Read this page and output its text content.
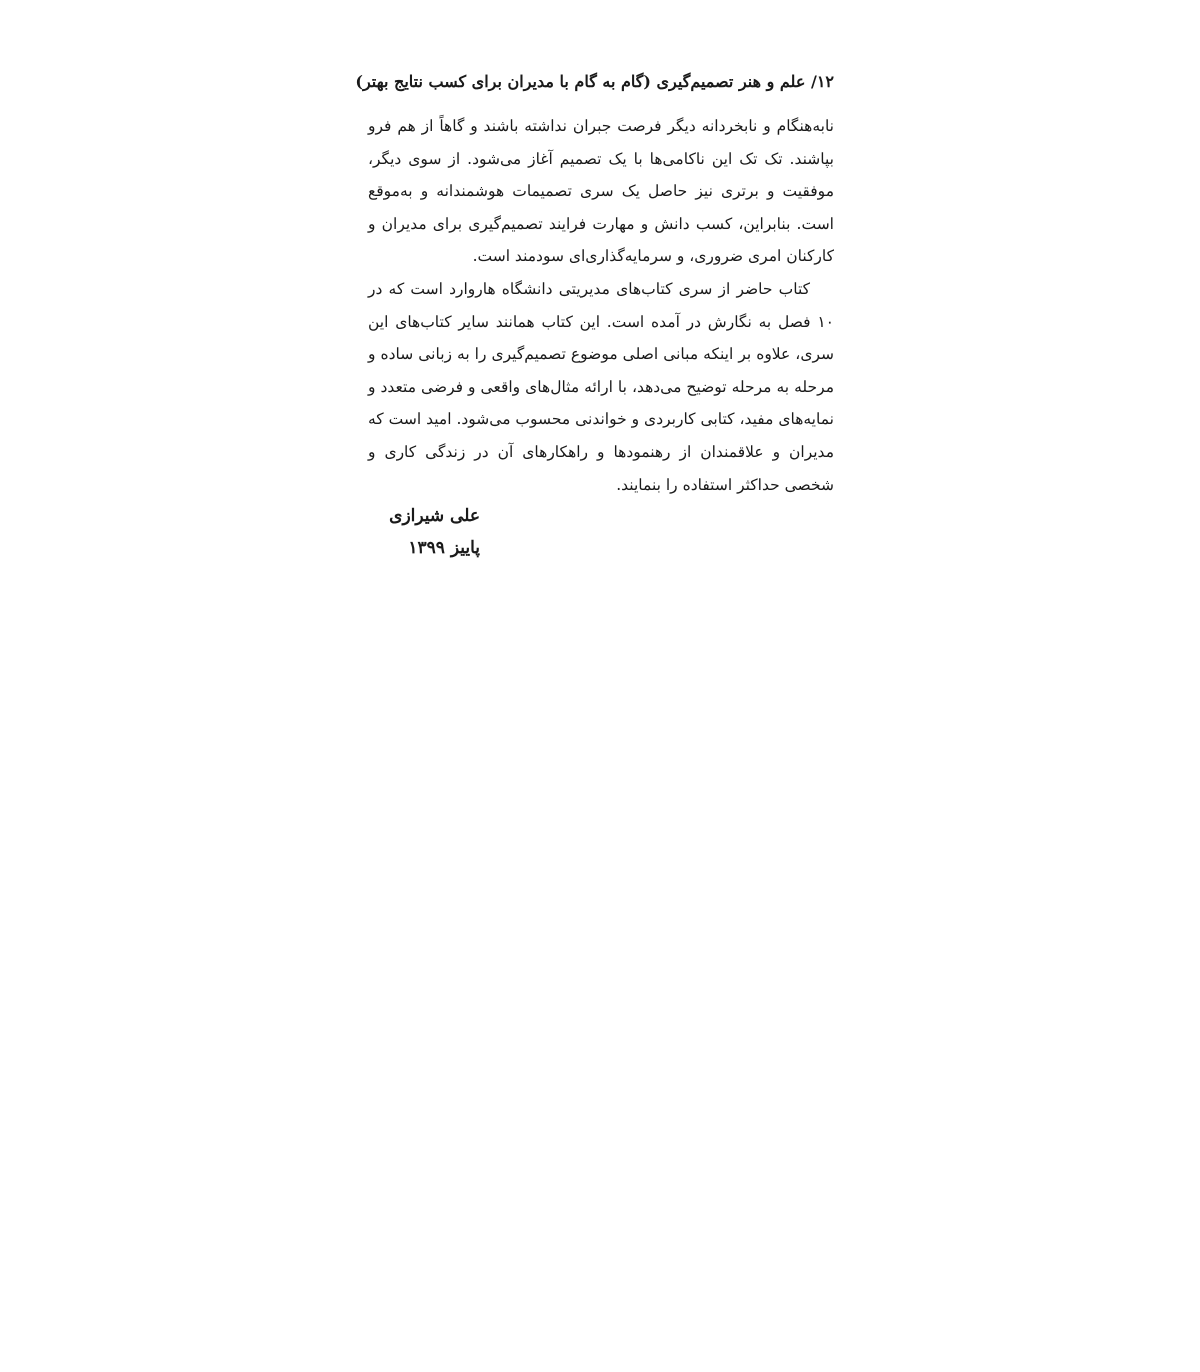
۱۲/ علم و هنر تصمیم‌گیری (گام به گام با مدیران برای کسب نتایج بهتر)

نابه‌هنگام و نابخردانه دیگر فرصت جبران نداشته باشند و گاهاً از هم فرو بپاشند. تک تک این ناکامی‌ها با یک تصمیم آغاز می‌شود. از سوی دیگر، موفقیت و برتری نیز حاصل یک سری تصمیمات هوشمندانه و به‌موقع است. بنابراین، کسب دانش و مهارت فرایند تصمیم‌گیری برای مدیران و کارکنان امری ضروری، و سرمایه‌گذاری‌ای سودمند است.

کتاب حاضر از سری کتاب‌های مدیریتی دانشگاه هاروارد است که در ۱۰ فصل به نگارش در آمده است. این کتاب همانند سایر کتاب‌های این سری، علاوه بر اینکه مبانی اصلی موضوع تصمیم‌گیری را به زبانی ساده و مرحله به مرحله توضیح می‌دهد، با ارائه مثال‌های واقعی و فرضی متعدد و نمایه‌های مفید، کتابی کاربردی و خواندنی محسوب می‌شود. امید است که مدیران و علاقمندان از رهنمودها و راهکارهای آن در زندگی کاری و شخصی حداکثر استفاده را بنمایند.

علی شیرازی
پاییز ۱۳۹۹
